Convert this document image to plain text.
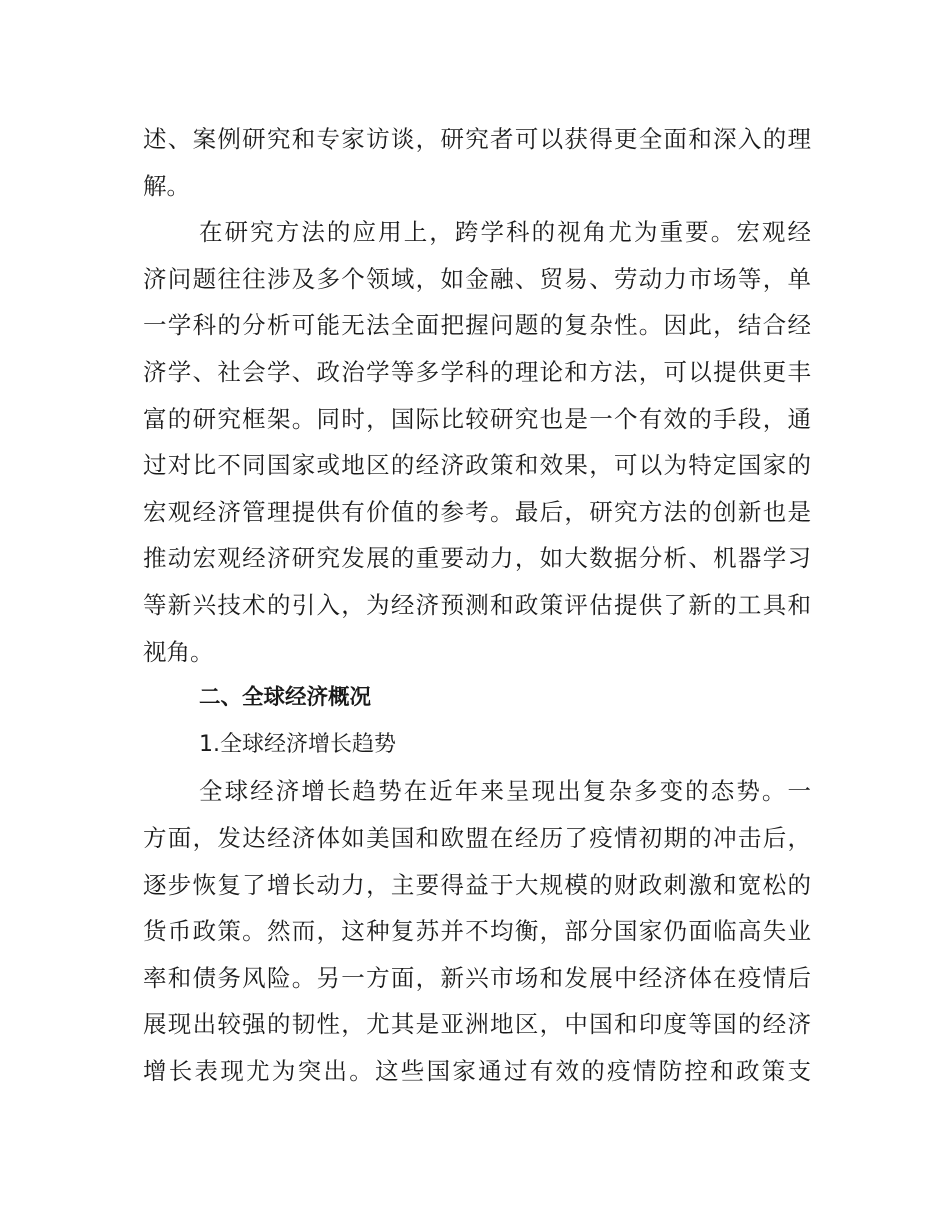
述、案例研究和专家访谈，研究者可以获得更全面和深入的理
解。
在研究方法的应用上，跨学科的视角尤为重要。宏观经
济问题往往涉及多个领域，如金融、贸易、劳动力市场等，单
一学科的分析可能无法全面把握问题的复杂性。因此，结合经
济学、社会学、政治学等多学科的理论和方法，可以提供更丰
富的研究框架。同时，国际比较研究也是一个有效的手段，通
过对比不同国家或地区的经济政策和效果，可以为特定国家的
宏观经济管理提供有价值的参考。最后，研究方法的创新也是
推动宏观经济研究发展的重要动力，如大数据分析、机器学习
等新兴技术的引入，为经济预测和政策评估提供了新的工具和
视角。
二、全球经济概况
1.全球经济增长趋势
全球经济增长趋势在近年来呈现出复杂多变的态势。一
方面，发达经济体如美国和欧盟在经历了疫情初期的冲击后，
逐步恢复了增长动力，主要得益于大规模的财政刺激和宽松的
货币政策。然而，这种复苏并不均衡，部分国家仍面临高失业
率和债务风险。另一方面，新兴市场和发展中经济体在疫情后
展现出较强的韧性，尤其是亚洲地区，中国和印度等国的经济
增长表现尤为突出。这些国家通过有效的疫情防控和政策支
